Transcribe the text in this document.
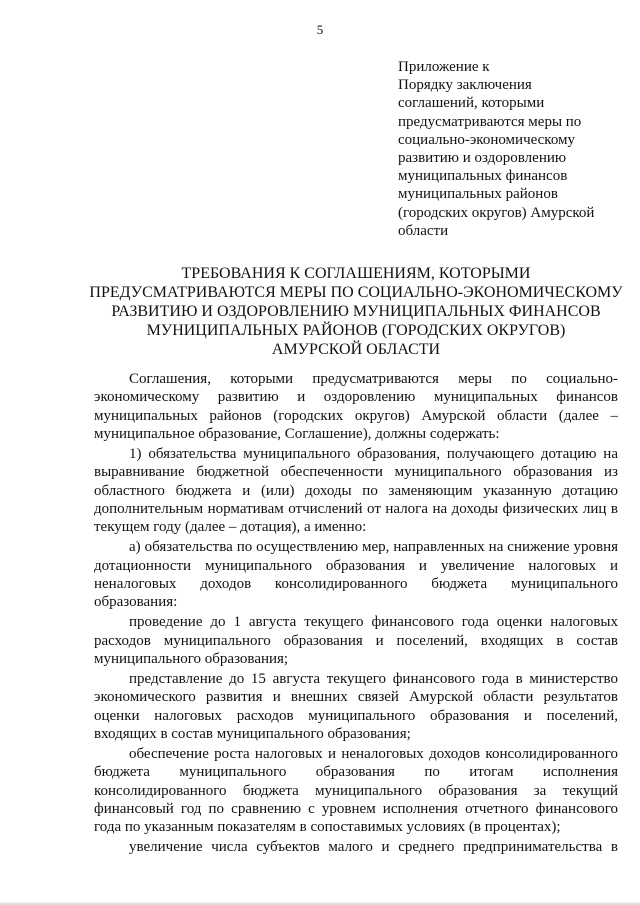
5
Приложение к
Порядку заключения
соглашений, которыми
предусматриваются меры по
социально-экономическому
развитию и оздоровлению
муниципальных финансов
муниципальных районов
(городских округов) Амурской
области
ТРЕБОВАНИЯ К СОГЛАШЕНИЯМ, КОТОРЫМИ
ПРЕДУСМАТРИВАЮТСЯ МЕРЫ ПО СОЦИАЛЬНО-ЭКОНОМИЧЕСКОМУ
РАЗВИТИЮ И ОЗДОРОВЛЕНИЮ МУНИЦИПАЛЬНЫХ ФИНАНСОВ
МУНИЦИПАЛЬНЫХ РАЙОНОВ (ГОРОДСКИХ ОКРУГОВ)
АМУРСКОЙ ОБЛАСТИ

Соглашения, которыми предусматриваются меры по социально-экономическому развитию и оздоровлению муниципальных финансов муниципальных районов (городских округов) Амурской области (далее – муниципальное образование, Соглашение), должны содержать:

1) обязательства муниципального образования, получающего дотацию на выравнивание бюджетной обеспеченности муниципального образования из областного бюджета и (или) доходы по заменяющим указанную дотацию дополнительным нормативам отчислений от налога на доходы физических лиц в текущем году (далее – дотация), а именно:

а) обязательства по осуществлению мер, направленных на снижение уровня дотационности муниципального образования и увеличение налоговых и неналоговых доходов консолидированного бюджета муниципального образования:

проведение до 1 августа текущего финансового года оценки налоговых расходов муниципального образования и поселений, входящих в состав муниципального образования;

представление до 15 августа текущего финансового года в министерство экономического развития и внешних связей Амурской области результатов оценки налоговых расходов муниципального образования и поселений, входящих в состав муниципального образования;

обеспечение роста налоговых и неналоговых доходов консолидированного бюджета муниципального образования по итогам исполнения консолидированного бюджета муниципального образования за текущий финансовый год по сравнению с уровнем исполнения отчетного финансового года по указанным показателям в сопоставимых условиях (в процентах);

увеличение числа субъектов малого и среднего предпринимательства в
